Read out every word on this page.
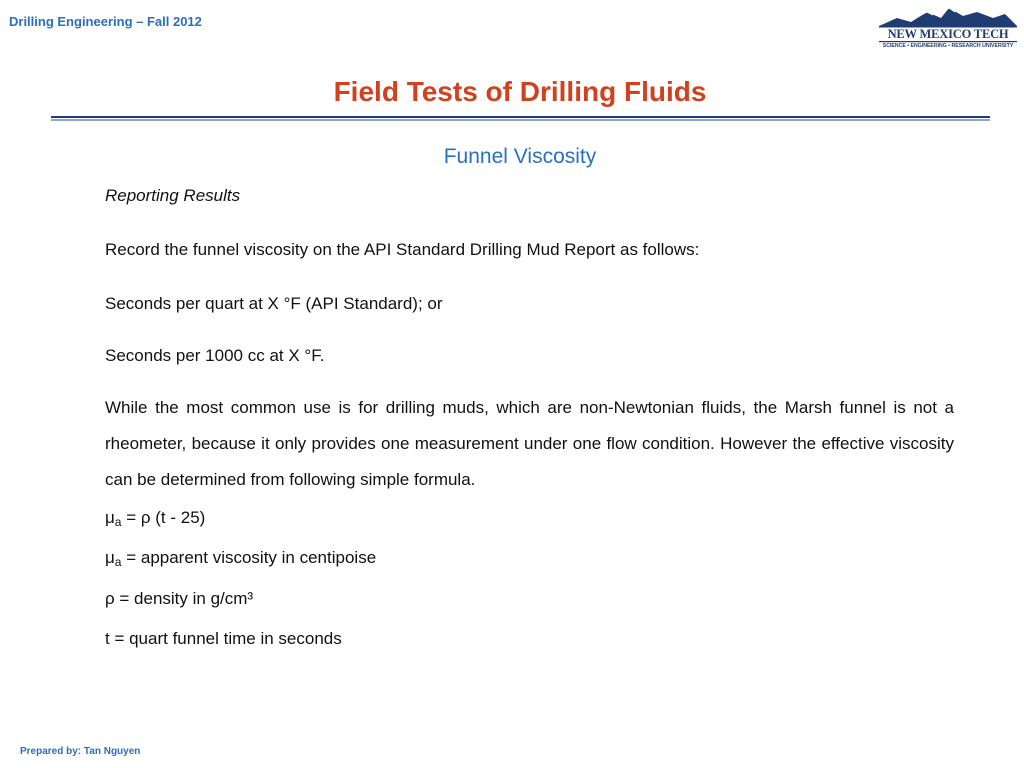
Drilling Engineering – Fall 2012
NEW MEXICO TECH
SCIENCE • ENGINEERING • RESEARCH UNIVERSITY
Field Tests of Drilling Fluids
Funnel Viscosity
Reporting Results
Record the funnel viscosity on the API Standard Drilling Mud Report as follows:
Seconds per quart at X °F (API Standard); or
Seconds per 1000 cc at X °F.
While the most common use is for drilling muds, which are non-Newtonian fluids, the Marsh funnel is not a rheometer, because it only provides one measurement under one flow condition. However the effective viscosity can be determined from following simple formula.
$\mu_a = \rho$ (t - 25)
$\mu_a$ = apparent viscosity in centipoise
ρ = density in g/cm³
t = quart funnel time in seconds
Prepared by: Tan Nguyen
